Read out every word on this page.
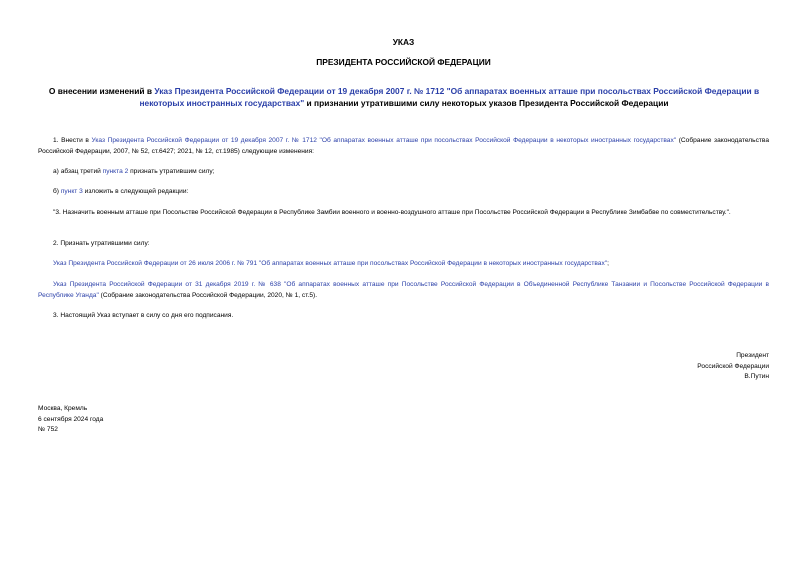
УКАЗ
ПРЕЗИДЕНТА РОССИЙСКОЙ ФЕДЕРАЦИИ
О внесении изменений в Указ Президента Российской Федерации от 19 декабря 2007 г. № 1712 "Об аппаратах военных атташе при посольствах Российской Федерации в некоторых иностранных государствах" и признании утратившими силу некоторых указов Президента Российской Федерации
1. Внести в Указ Президента Российской Федерации от 19 декабря 2007 г. № 1712 "Об аппаратах военных атташе при посольствах Российской Федерации в некоторых иностранных государствах" (Собрание законодательства Российской Федерации, 2007, № 52, ст.6427; 2021, № 12, ст.1985) следующие изменения:
а) абзац третий пункта 2 признать утратившим силу;
б) пункт 3 изложить в следующей редакции:
"3. Назначить военным атташе при Посольстве Российской Федерации в Республике Замбии военного и военно-воздушного атташе при Посольстве Российской Федерации в Республике Зимбабве по совместительству.".
2. Признать утратившими силу:
Указ Президента Российской Федерации от 26 июля 2006 г. № 791 "Об аппаратах военных атташе при посольствах Российской Федерации в некоторых иностранных государствах";
Указ Президента Российской Федерации от 31 декабря 2019 г. № 638 "Об аппаратах военных атташе при Посольстве Российской Федерации в Объединенной Республике Танзании и Посольстве Российской Федерации в Республике Уганда" (Собрание законодательства Российской Федерации, 2020, № 1, ст.5).
3. Настоящий Указ вступает в силу со дня его подписания.
Президент
Российской Федерации
В.Путин
Москва, Кремль
6 сентября 2024 года
№ 752
